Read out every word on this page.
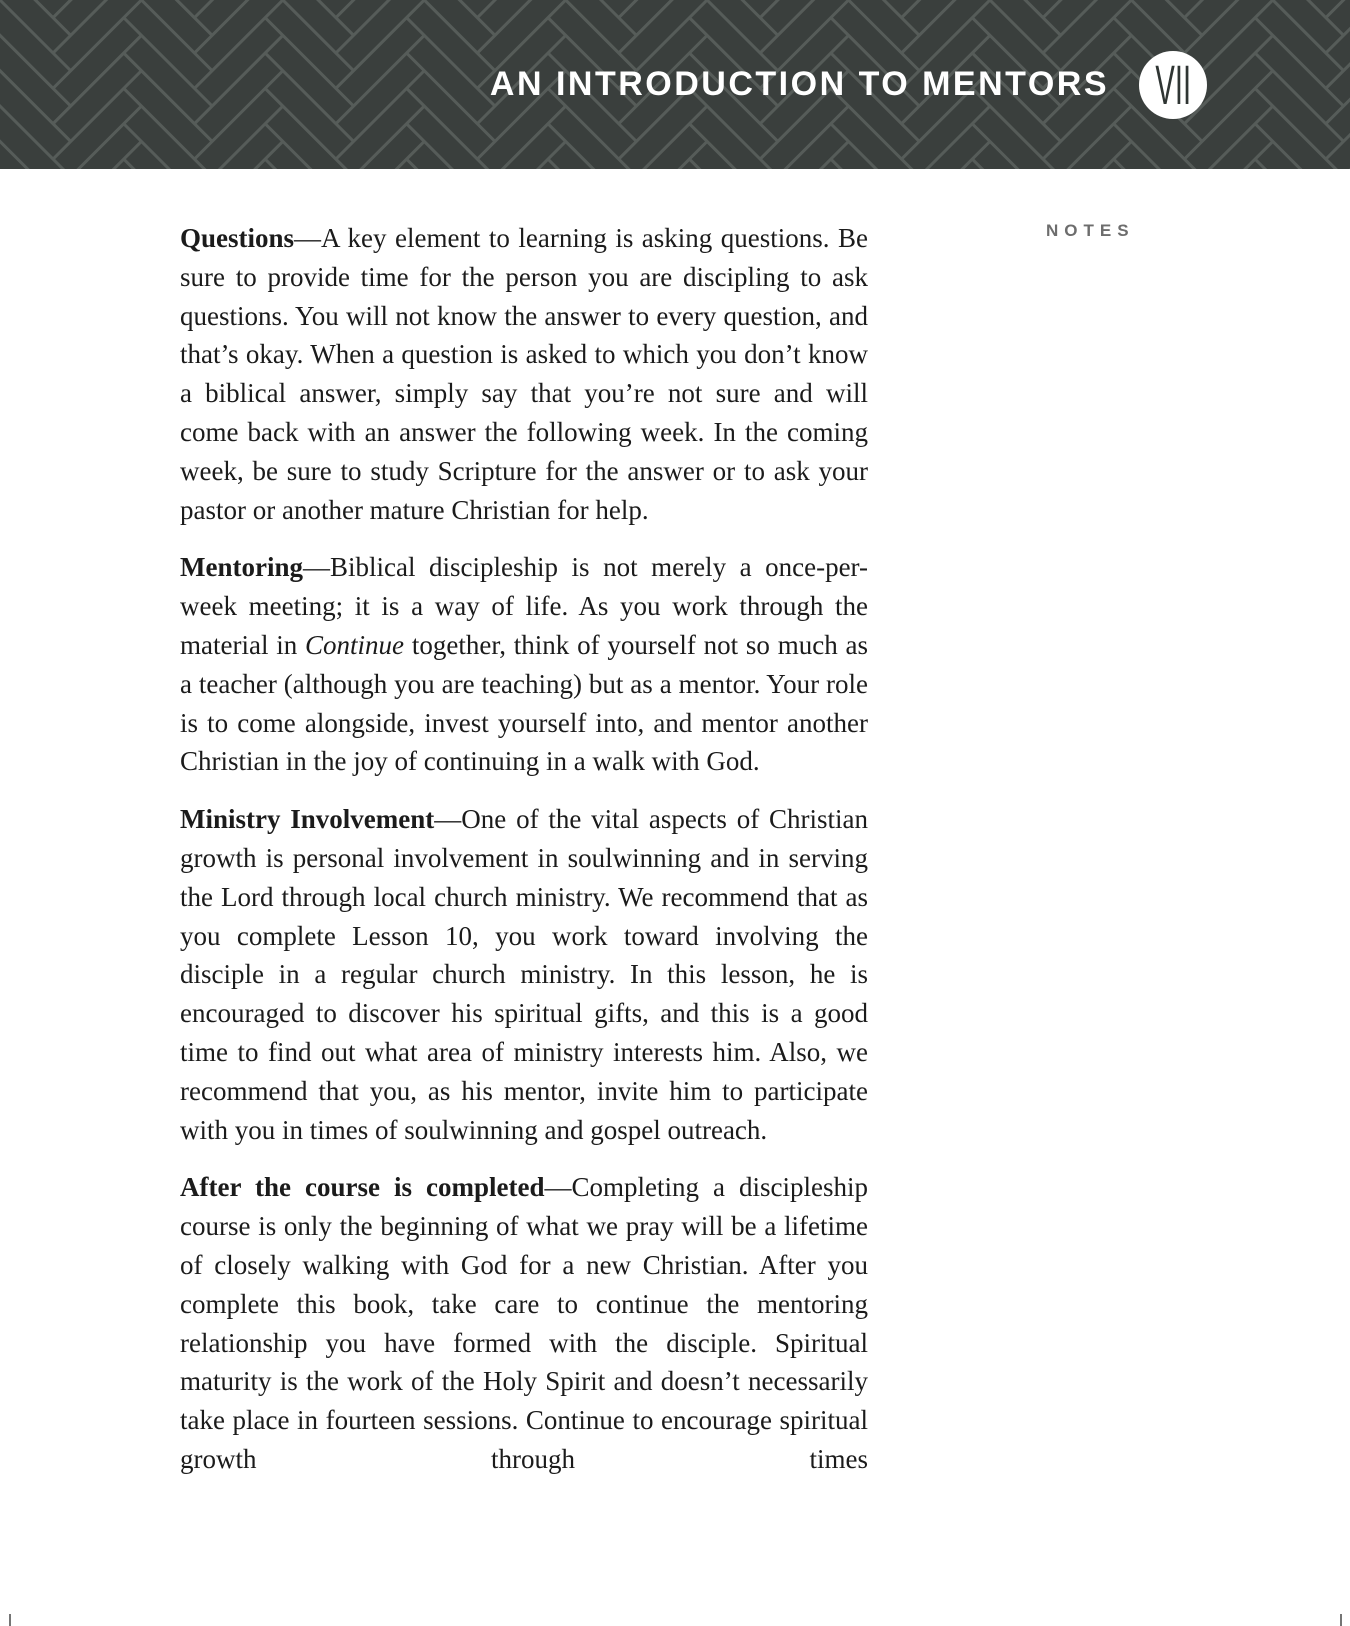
AN INTRODUCTION TO MENTORS VII

Questions—A key element to learning is asking questions. Be sure to provide time for the person you are discipling to ask questions. You will not know the answer to every question, and that’s okay. When a question is asked to which you don’t know a biblical answer, simply say that you’re not sure and will come back with an answer the following week. In the coming week, be sure to study Scripture for the answer or to ask your pastor or another mature Christian for help.

Mentoring—Biblical discipleship is not merely a once-per-week meeting; it is a way of life. As you work through the material in Continue together, think of yourself not so much as a teacher (although you are teaching) but as a mentor. Your role is to come alongside, invest yourself into, and mentor another Christian in the joy of continuing in a walk with God.

Ministry Involvement—One of the vital aspects of Christian growth is personal involvement in soulwinning and in serving the Lord through local church ministry. We recommend that as you complete Lesson 10, you work toward involving the disciple in a regular church ministry. In this lesson, he is encouraged to discover his spiritual gifts, and this is a good time to find out what area of ministry interests him. Also, we recommend that you, as his mentor, invite him to participate with you in times of soulwinning and gospel outreach.

After the course is completed—Completing a discipleship course is only the beginning of what we pray will be a lifetime of closely walking with God for a new Christian. After you complete this book, take care to continue the mentoring relationship you have formed with the disciple. Spiritual maturity is the work of the Holy Spirit and doesn’t necessarily take place in fourteen sessions. Continue to encourage spiritual growth through times

NOTES
